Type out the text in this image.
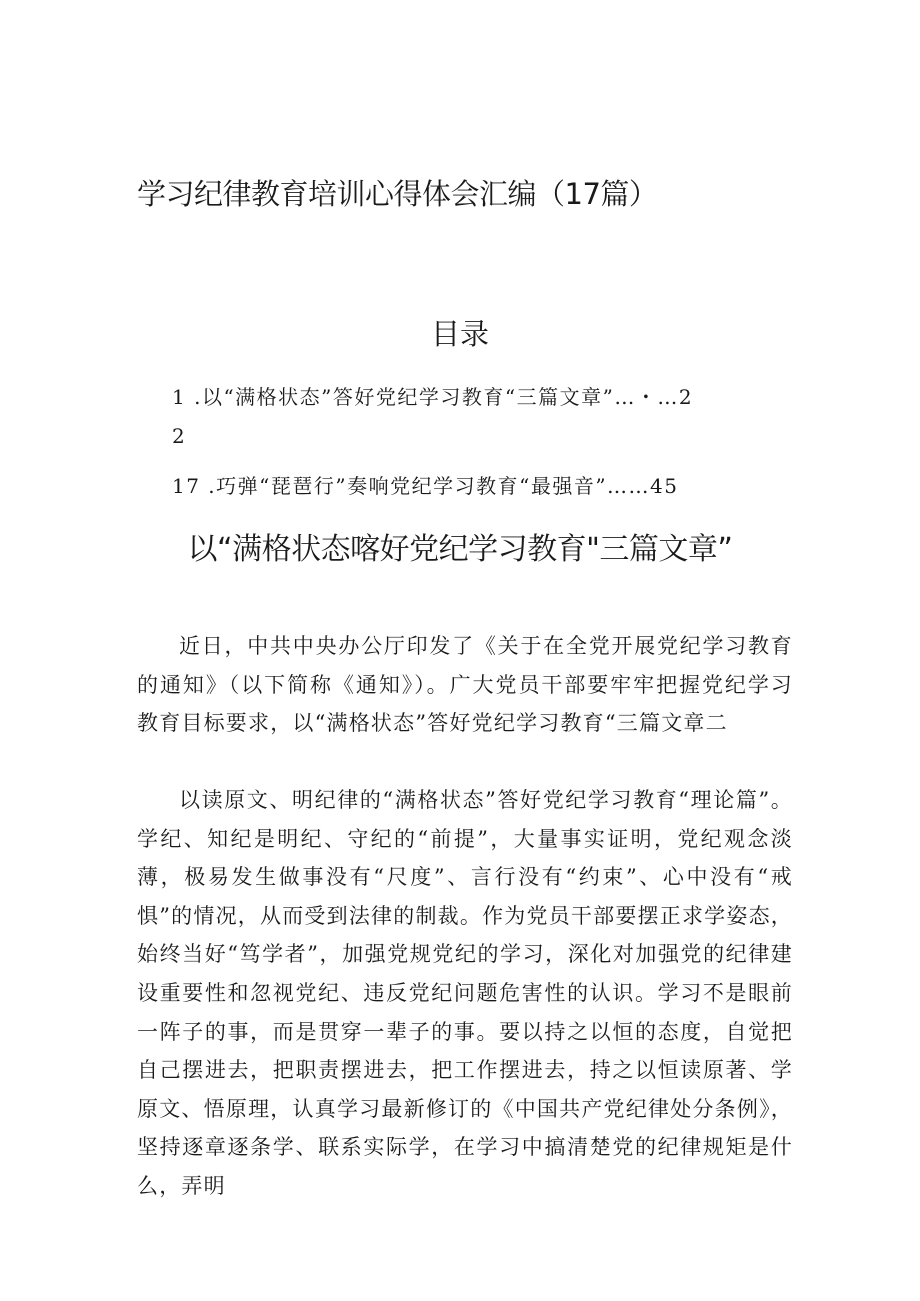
学习纪律教育培训心得体会汇编（17篇）
目录
1 .以“满格状态”答好党纪学习教育“三篇文章”…・…2
2
17 .巧弹“琵琶行”奏响党纪学习教育“最强音”……45
以“满格状态喀好党纪学习教育"三篇文章”

近日，中共中央办公厅印发了《关于在全党开展党纪学习教育的通知》（以下简称《通知》）。广大党员干部要牢牢把握党纪学习教育目标要求，以“满格状态”答好党纪学习教育“三篇文章二

以读原文、明纪律的“满格状态”答好党纪学习教育“理论篇”。学纪、知纪是明纪、守纪的“前提”，大量事实证明，党纪观念淡薄，极易发生做事没有“尺度”、言行没有“约束”、心中没有“戒惧”的情况，从而受到法律的制裁。作为党员干部要摆正求学姿态，始终当好“笃学者”，加强党规党纪的学习，深化对加强党的纪律建设重要性和忽视党纪、违反党纪问题危害性的认识。学习不是眼前一阵子的事，而是贯穿一辈子的事。要以持之以恒的态度，自觉把自己摆进去，把职责摆进去，把工作摆进去，持之以恒读原著、学原文、悟原理，认真学习最新修订的《中国共产党纪律处分条例》，坚持逐章逐条学、联系实际学，在学习中搞清楚党的纪律规矩是什么，弄明
